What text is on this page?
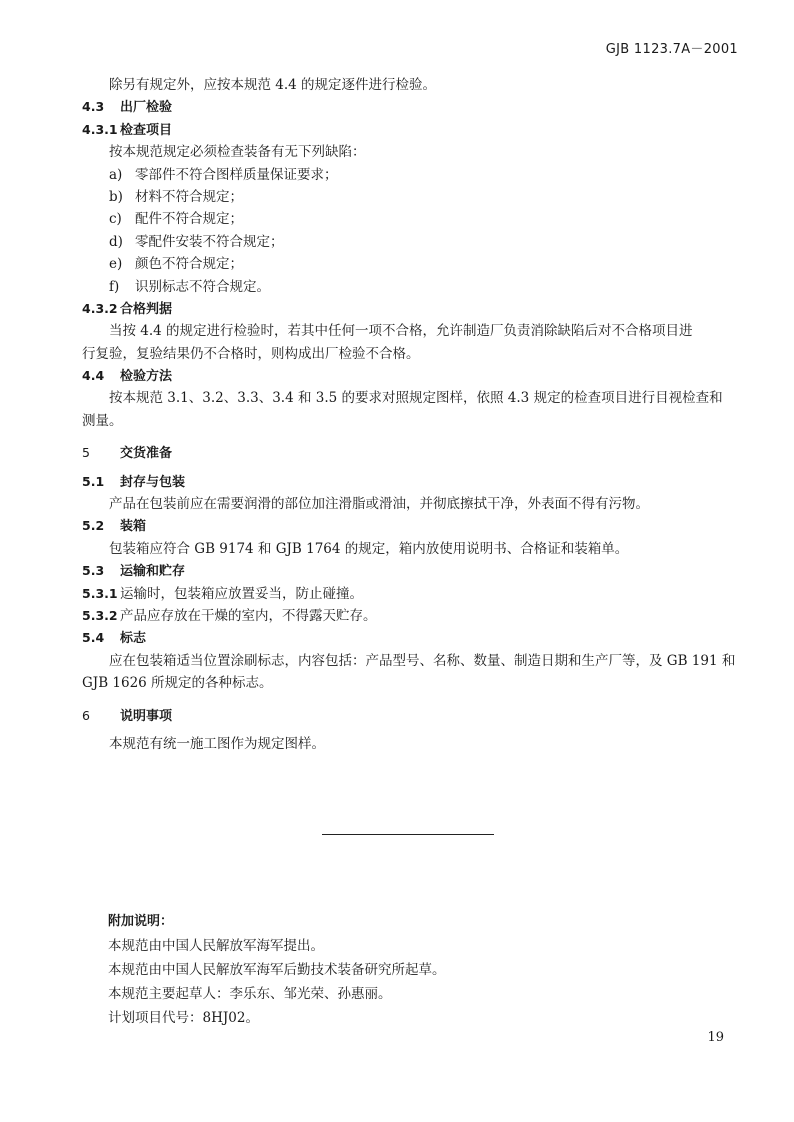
GJB 1123.7A－2001
除另有规定外，应按本规范 4.4 的规定逐件进行检验。
4.3 出厂检验
4.3.1 检查项目
按本规范规定必须检查装备有无下列缺陷：
a) 零部件不符合图样质量保证要求；
b) 材料不符合规定；
c) 配件不符合规定；
d) 零配件安装不符合规定；
e) 颜色不符合规定；
f) 识别标志不符合规定。
4.3.2 合格判据
当按 4.4 的规定进行检验时，若其中任何一项不合格，允许制造厂负责消除缺陷后对不合格项目进
行复验，复验结果仍不合格时，则构成出厂检验不合格。
4.4 检验方法
按本规范 3.1、3.2、3.3、3.4 和 3.5 的要求对照规定图样，依照 4.3 规定的检查项目进行目视检查和
测量。
5 交货准备
5.1 封存与包装
产品在包装前应在需要润滑的部位加注滑脂或滑油，并彻底擦拭干净，外表面不得有污物。
5.2 装箱
包装箱应符合 GB 9174 和 GJB 1764 的规定，箱内放使用说明书、合格证和装箱单。
5.3 运输和贮存
5.3.1 运输时，包装箱应放置妥当，防止碰撞。
5.3.2 产品应存放在干燥的室内，不得露天贮存。
5.4 标志
应在包装箱适当位置涂刷标志，内容包括：产品型号、名称、数量、制造日期和生产厂等，及 GB 191 和
GJB 1626 所规定的各种标志。
6 说明事项
本规范有统一施工图作为规定图样。
附加说明：
本规范由中国人民解放军海军提出。
本规范由中国人民解放军海军后勤技术装备研究所起草。
本规范主要起草人：李乐东、邹光荣、孙惠丽。
计划项目代号：8HJ02。
19
